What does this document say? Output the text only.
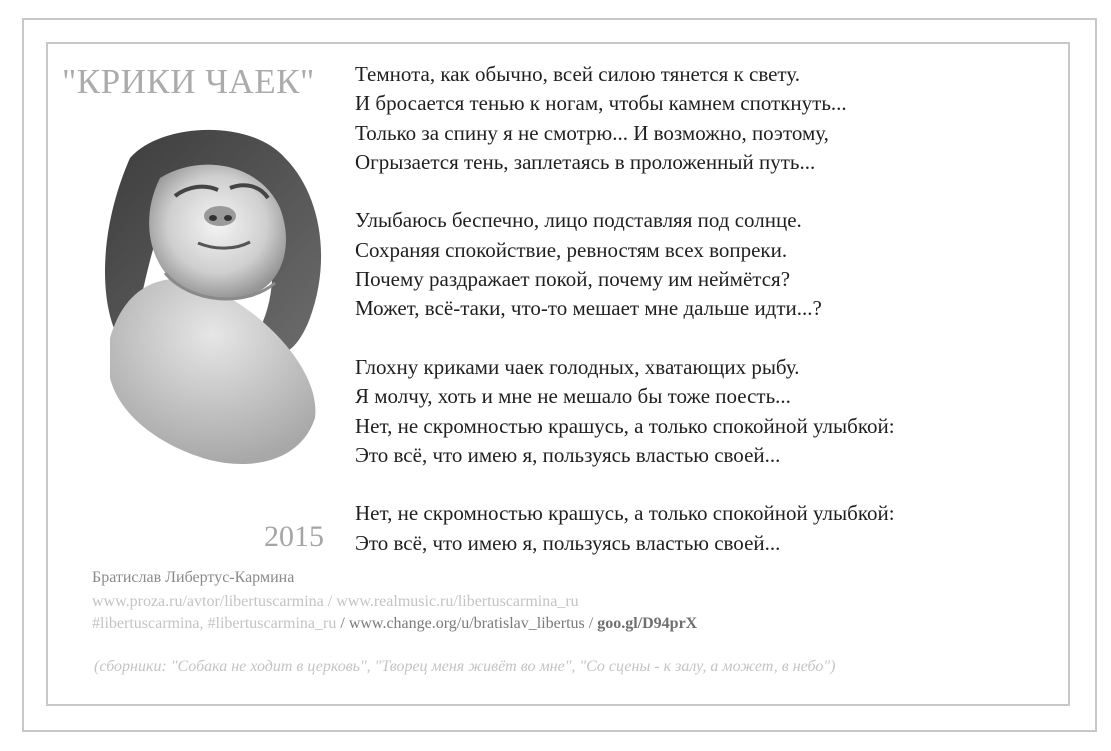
"КРИКИ ЧАЕК"
2015
Темнота, как обычно, всей силою тянется к свету.
И бросается тенью к ногам, чтобы камнем споткнуть...
Только за спину я не смотрю... И возможно, поэтому,
Огрызается тень, заплетаясь в проложенный путь...
Улыбаюсь беспечно, лицо подставляя под солнце.
Сохраняя спокойствие, ревностям всех вопреки.
Почему раздражает покой, почему им неймётся?
Может, всё-таки, что-то мешает мне дальше идти...?
Глохну криками чаек голодных, хватающих рыбу.
Я молчу, хоть и мне не мешало бы тоже поесть...
Нет, не скромностью крашусь, а только спокойной улыбкой:
Это всё, что имею я, пользуясь властью своей...
Нет, не скромностью крашусь, а только спокойной улыбкой:
Это всё, что имею я, пользуясь властью своей...
Братислав Либертус-Кармина
www.proza.ru/avtor/libertuscarmina / www.realmusic.ru/libertuscarmina_ru
#libertuscarmina, #libertuscarmina_ru / www.change.org/u/bratislav_libertus / goo.gl/D94prX
(сборники: "Собака не ходит в церковь", "Творец меня живёт во мне", "Со сцены - к залу, а может, в небо")
